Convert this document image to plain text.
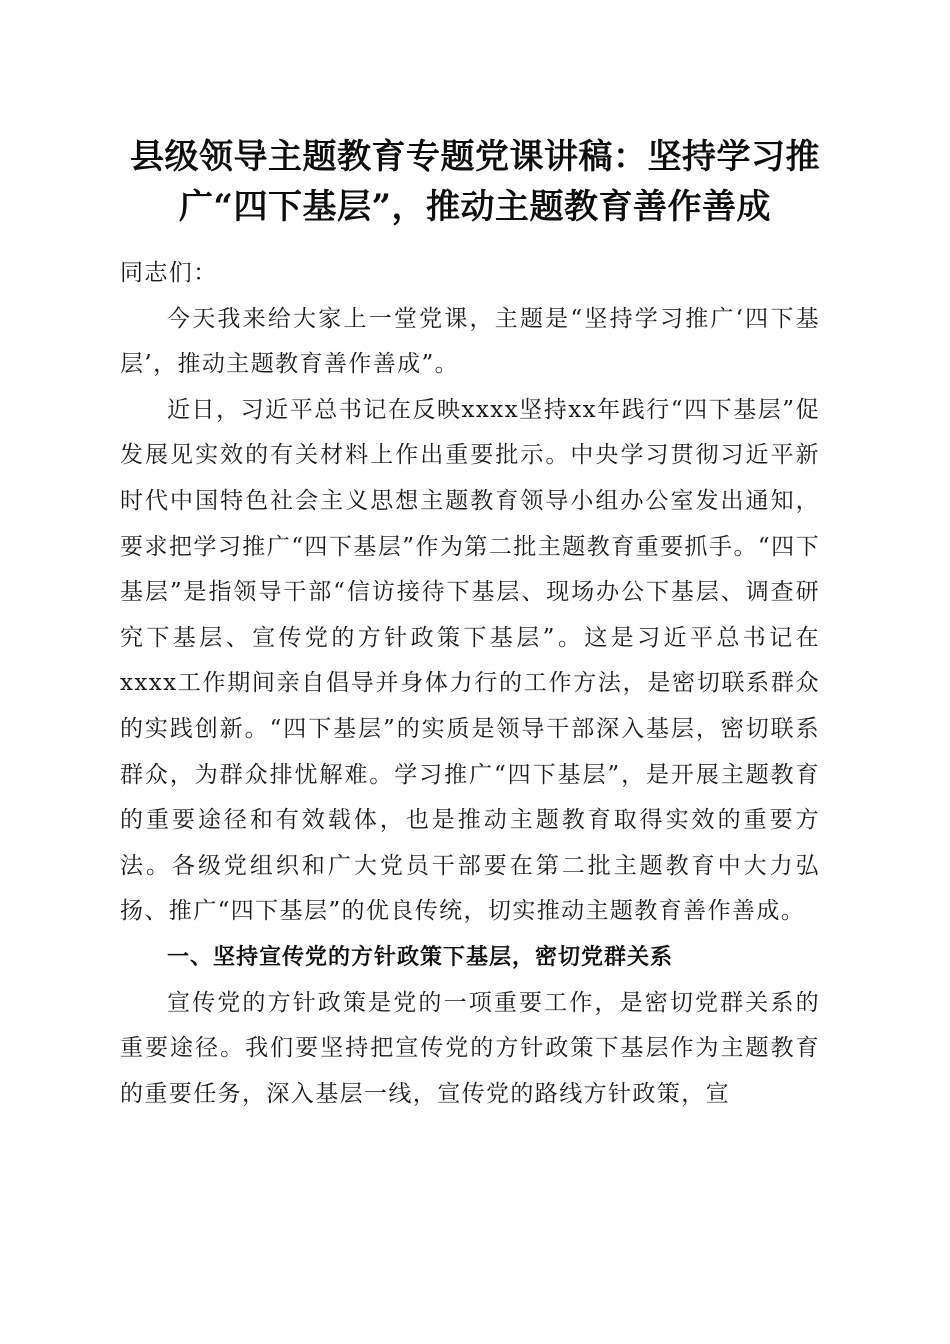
县级领导主题教育专题党课讲稿：坚持学习推
广“四下基层”，推动主题教育善作善成

同志们：

今天我来给大家上一堂党课，主题是“坚持学习推广‘四下基层’，推动主题教育善作善成”。

近日，习近平总书记在反映xxxx坚持xx年践行“四下基层”促发展见实效的有关材料上作出重要批示。中央学习贯彻习近平新时代中国特色社会主义思想主题教育领导小组办公室发出通知，要求把学习推广“四下基层”作为第二批主题教育重要抓手。“四下基层”是指领导干部“信访接待下基层、现场办公下基层、调查研究下基层、宣传党的方针政策下基层”。这是习近平总书记在xxxx工作期间亲自倡导并身体力行的工作方法，是密切联系群众的实践创新。“四下基层”的实质是领导干部深入基层，密切联系群众，为群众排忧解难。学习推广“四下基层”，是开展主题教育的重要途径和有效载体，也是推动主题教育取得实效的重要方法。各级党组织和广大党员干部要在第二批主题教育中大力弘扬、推广“四下基层”的优良传统，切实推动主题教育善作善成。

一、坚持宣传党的方针政策下基层，密切党群关系

宣传党的方针政策是党的一项重要工作，是密切党群关系的重要途径。我们要坚持把宣传党的方针政策下基层作为主题教育的重要任务，深入基层一线，宣传党的路线方针政策，宣
